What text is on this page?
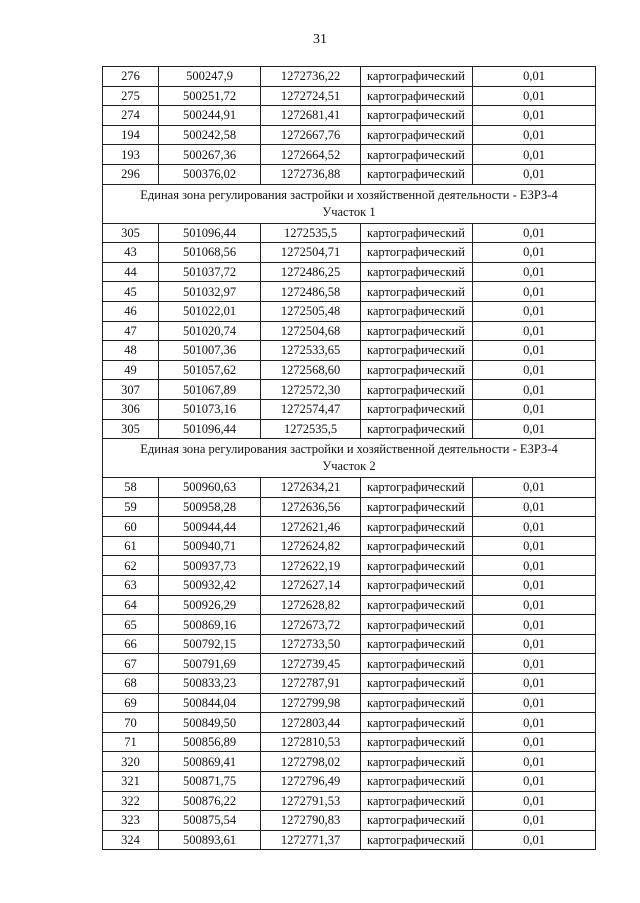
31
276	500247,9	1272736,22	картографический	0,01
275	500251,72	1272724,51	картографический	0,01
274	500244,91	1272681,41	картографический	0,01
194	500242,58	1272667,76	картографический	0,01
193	500267,36	1272664,52	картографический	0,01
296	500376,02	1272736,88	картографический	0,01

Единая зона регулирования застройки и хозяйственной деятельности - ЕЗРЗ-4
Участок 1				

305	501096,44	1272535,5	картографический	0,01
43	501068,56	1272504,71	картографический	0,01
44	501037,72	1272486,25	картографический	0,01
45	501032,97	1272486,58	картографический	0,01
46	501022,01	1272505,48	картографический	0,01
47	501020,74	1272504,68	картографический	0,01
48	501007,36	1272533,65	картографический	0,01
49	501057,62	1272568,60	картографический	0,01
307	501067,89	1272572,30	картографический	0,01
306	501073,16	1272574,47	картографический	0,01
305	501096,44	1272535,5	картографический	0,01

Единая зона регулирования застройки и хозяйственной деятельности - ЕЗРЗ-4
Участок 2				

58	500960,63	1272634,21	картографический	0,01
59	500958,28	1272636,56	картографический	0,01
60	500944,44	1272621,46	картографический	0,01
61	500940,71	1272624,82	картографический	0,01
62	500937,73	1272622,19	картографический	0,01
63	500932,42	1272627,14	картографический	0,01
64	500926,29	1272628,82	картографический	0,01
65	500869,16	1272673,72	картографический	0,01
66	500792,15	1272733,50	картографический	0,01
67	500791,69	1272739,45	картографический	0,01
68	500833,23	1272787,91	картографический	0,01
69	500844,04	1272799,98	картографический	0,01
70	500849,50	1272803,44	картографический	0,01
71	500856,89	1272810,53	картографический	0,01
320	500869,41	1272798,02	картографический	0,01
321	500871,75	1272796,49	картографический	0,01
322	500876,22	1272791,53	картографический	0,01
323	500875,54	1272790,83	картографический	0,01
324	500893,61	1272771,37	картографический	0,01
